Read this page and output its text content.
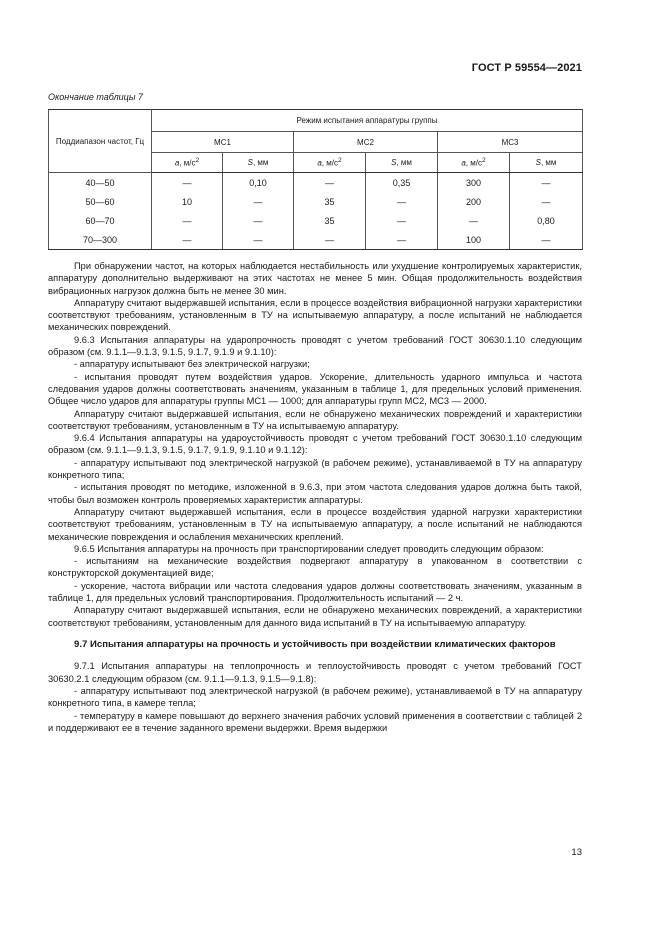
ГОСТ Р 59554—2021
Окончание таблицы 7
Поддиапазон частот, Гц	Режим испытания аппаратуры группы					
	МС1		МС2		МС3	
	a, $м/с^2$	S, мм	a, $м/с^2$	S, мм	a, $м/с^2$	S, мм
40—50	—	0,10	—	0,35	300	—
50—60	10	—	35	—	200	—
60—70	—	—	35	—	—	0,80
70—300	—	—	—	—	100	—

При обнаружении частот, на которых наблюдается нестабильность или ухудшение контролируемых характеристик, аппаратуру дополнительно выдерживают на этих частотах не менее 5 мин. Общая продолжительность воздействия вибрационных нагрузок должна быть не менее 30 мин.

Аппаратуру считают выдержавшей испытания, если в процессе воздействия вибрационной нагрузки характеристики соответствуют требованиям, установленным в ТУ на испытываемую аппаратуру, а после испытаний не наблюдается механических повреждений.

9.6.3 Испытания аппаратуры на ударопрочность проводят с учетом требований ГОСТ 30630.1.10 следующим образом (см. 9.1.1—9.1.3, 9.1.5, 9.1.7, 9.1.9 и 9.1.10):

- аппаратуру испытывают без электрической нагрузки;

- испытания проводят путем воздействия ударов. Ускорение, длительность ударного импульса и частота следования ударов должны соответствовать значениям, указанным в таблице 1, для предельных условий применения. Общее число ударов для аппаратуры группы МС1 — 1000; для аппаратуры групп МС2, МС3 — 2000.

Аппаратуру считают выдержавшей испытания, если не обнаружено механических повреждений и характеристики соответствуют требованиям, установленным в ТУ на испытываемую аппаратуру.

9.6.4 Испытания аппаратуры на удароустойчивость проводят с учетом требований ГОСТ 30630.1.10 следующим образом (см. 9.1.1—9.1.3, 9.1.5, 9.1.7, 9.1.9, 9.1.10 и 9.1.12):

- аппаратуру испытывают под электрической нагрузкой (в рабочем режиме), устанавливаемой в ТУ на аппаратуру конкретного типа;

- испытания проводят по методике, изложенной в 9.6.3, при этом частота следования ударов должна быть такой, чтобы был возможен контроль проверяемых характеристик аппаратуры.

Аппаратуру считают выдержавшей испытания, если в процессе воздействия ударной нагрузки характеристики соответствуют требованиям, установленным в ТУ на испытываемую аппаратуру, а после испытаний не наблюдаются механические повреждения и ослабления механических креплений.

9.6.5 Испытания аппаратуры на прочность при транспортировании следует проводить следующим образом:

- испытаниям на механические воздействия подвергают аппаратуру в упакованном в соответствии с конструкторской документацией виде;

- ускорение, частота вибрации или частота следования ударов должны соответствовать значениям, указанным в таблице 1, для предельных условий транспортирования. Продолжительность испытаний — 2 ч.

Аппаратуру считают выдержавшей испытания, если не обнаружено механических повреждений, а характеристики соответствуют требованиям, установленным для данного вида испытаний в ТУ на испытываемую аппаратуру.

9.7 Испытания аппаратуры на прочность и устойчивость при воздействии климатических факторов

9.7.1 Испытания аппаратуры на теплопрочность и теплоустойчивость проводят с учетом требований ГОСТ 30630.2.1 следующим образом (см. 9.1.1—9.1.3, 9.1.5—9.1.8):

- аппаратуру испытывают под электрической нагрузкой (в рабочем режиме), устанавливаемой в ТУ на аппаратуру конкретного типа, в камере тепла;

- температуру в камере повышают до верхнего значения рабочих условий применения в соответствии с таблицей 2 и поддерживают ее в течение заданного времени выдержки. Время выдержки

13
